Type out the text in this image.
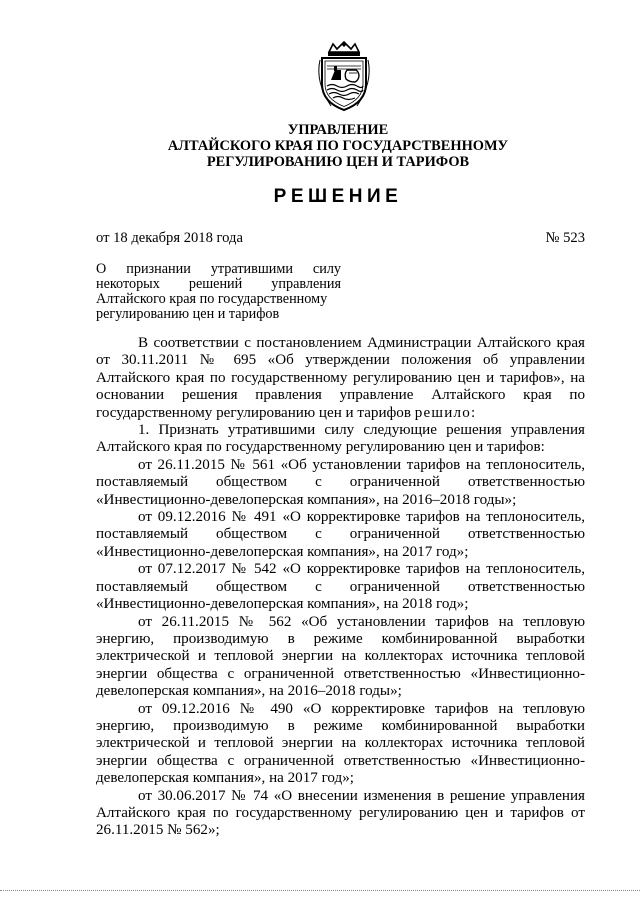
УПРАВЛЕНИЕ
АЛТАЙСКОГО КРАЯ ПО ГОСУДАРСТВЕННОМУ
РЕГУЛИРОВАНИЮ ЦЕН И ТАРИФОВ
РЕШЕНИЕ
от 18 декабря 2018 года	№ 523
О признании утратившими силу
некоторых решений управления
Алтайского края по государственному
регулированию цен и тарифов

В соответствии с постановлением Администрации Алтайского края от 30.11.2011 № 695 «Об утверждении положения об управлении Алтайского края по государственному регулированию цен и тарифов», на основании решения правления управление Алтайского края по государственному регулированию цен и тарифов решило:

1. Признать утратившими силу следующие решения управления Алтайского края по государственному регулированию цен и тарифов:

от 26.11.2015 № 561 «Об установлении тарифов на теплоноситель, поставляемый обществом с ограниченной ответственностью «Инвестиционно-девелоперская компания», на 2016–2018 годы»;

от 09.12.2016 № 491 «О корректировке тарифов на теплоноситель, поставляемый обществом с ограниченной ответственностью «Инвестиционно-девелоперская компания», на 2017 год»;

от 07.12.2017 № 542 «О корректировке тарифов на теплоноситель, поставляемый обществом с ограниченной ответственностью «Инвестиционно-девелоперская компания», на 2018 год»;

от 26.11.2015 № 562 «Об установлении тарифов на тепловую энергию, производимую в режиме комбинированной выработки электрической и тепловой энергии на коллекторах источника тепловой энергии общества с ограниченной ответственностью «Инвестиционно-девелоперская компания», на 2016–2018 годы»;

от 09.12.2016 № 490 «О корректировке тарифов на тепловую энергию, производимую в режиме комбинированной выработки электрической и тепловой энергии на коллекторах источника тепловой энергии общества с ограниченной ответственностью «Инвестиционно-девелоперская компания», на 2017 год»;

от 30.06.2017 № 74 «О внесении изменения в решение управления Алтайского края по государственному регулированию цен и тарифов от 26.11.2015 № 562»;
